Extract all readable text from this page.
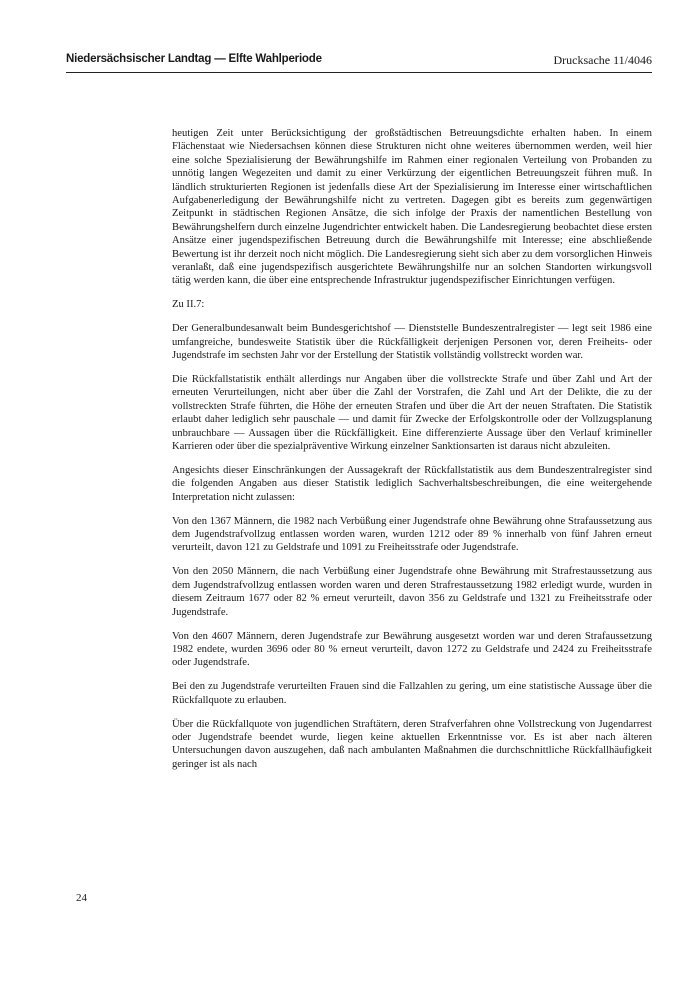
Niedersächsischer Landtag — Elfte Wahlperiode	Drucksache 11/4046

heutigen Zeit unter Berücksichtigung der großstädtischen Betreuungsdichte erhalten haben. In einem Flächenstaat wie Niedersachsen können diese Strukturen nicht ohne weiteres übernommen werden, weil hier eine solche Spezialisierung der Bewährungshilfe im Rahmen einer regionalen Verteilung von Probanden zu unnötig langen Wegezeiten und damit zu einer Verkürzung der eigentlichen Betreuungszeit führen muß. In ländlich strukturierten Regionen ist jedenfalls diese Art der Spezialisierung im Interesse einer wirtschaftlichen Aufgabenerledigung der Bewährungshilfe nicht zu vertreten. Dagegen gibt es bereits zum gegenwärtigen Zeitpunkt in städtischen Regionen Ansätze, die sich infolge der Praxis der namentlichen Bestellung von Bewährungshelfern durch einzelne Jugendrichter entwickelt haben. Die Landesregierung beobachtet diese ersten Ansätze einer jugendspezifischen Betreuung durch die Bewährungshilfe mit Interesse; eine abschließende Bewertung ist ihr derzeit noch nicht möglich. Die Landesregierung sieht sich aber zu dem vorsorglichen Hinweis veranlaßt, daß eine jugendspezifisch ausgerichtete Bewährungshilfe nur an solchen Standorten wirkungsvoll tätig werden kann, die über eine entsprechende Infrastruktur jugendspezifischer Einrichtungen verfügen.

Zu II.7:

Der Generalbundesanwalt beim Bundesgerichtshof — Dienststelle Bundeszentralregister — legt seit 1986 eine umfangreiche, bundesweite Statistik über die Rückfälligkeit derjenigen Personen vor, deren Freiheits- oder Jugendstrafe im sechsten Jahr vor der Erstellung der Statistik vollständig vollstreckt worden war.

Die Rückfallstatistik enthält allerdings nur Angaben über die vollstreckte Strafe und über Zahl und Art der erneuten Verurteilungen, nicht aber über die Zahl der Vorstrafen, die Zahl und Art der Delikte, die zu der vollstreckten Strafe führten, die Höhe der erneuten Strafen und über die Art der neuen Straftaten. Die Statistik erlaubt daher lediglich sehr pauschale — und damit für Zwecke der Erfolgskontrolle oder der Vollzugsplanung unbrauchbare — Aussagen über die Rückfälligkeit. Eine differenzierte Aussage über den Verlauf krimineller Karrieren oder über die spezialpräventive Wirkung einzelner Sanktionsarten ist daraus nicht abzuleiten.

Angesichts dieser Einschränkungen der Aussagekraft der Rückfallstatistik aus dem Bundeszentralregister sind die folgenden Angaben aus dieser Statistik lediglich Sachverhaltsbeschreibungen, die eine weitergehende Interpretation nicht zulassen:

Von den 1367 Männern, die 1982 nach Verbüßung einer Jugendstrafe ohne Bewährung ohne Strafaussetzung aus dem Jugendstrafvollzug entlassen worden waren, wurden 1212 oder 89 % innerhalb von fünf Jahren erneut verurteilt, davon 121 zu Geldstrafe und 1091 zu Freiheitsstrafe oder Jugendstrafe.

Von den 2050 Männern, die nach Verbüßung einer Jugendstrafe ohne Bewährung mit Strafrestaussetzung aus dem Jugendstrafvollzug entlassen worden waren und deren Strafrestaussetzung 1982 erledigt wurde, wurden in diesem Zeitraum 1677 oder 82 % erneut verurteilt, davon 356 zu Geldstrafe und 1321 zu Freiheitsstrafe oder Jugendstrafe.

Von den 4607 Männern, deren Jugendstrafe zur Bewährung ausgesetzt worden war und deren Strafaussetzung 1982 endete, wurden 3696 oder 80 % erneut verurteilt, davon 1272 zu Geldstrafe und 2424 zu Freiheitsstrafe oder Jugendstrafe.

Bei den zu Jugendstrafe verurteilten Frauen sind die Fallzahlen zu gering, um eine statistische Aussage über die Rückfallquote zu erlauben.

Über die Rückfallquote von jugendlichen Straftätern, deren Strafverfahren ohne Vollstreckung von Jugendarrest oder Jugendstrafe beendet wurde, liegen keine aktuellen Erkenntnisse vor. Es ist aber nach älteren Untersuchungen davon auszugehen, daß nach ambulanten Maßnahmen die durchschnittliche Rückfallhäufigkeit geringer ist als nach

24
